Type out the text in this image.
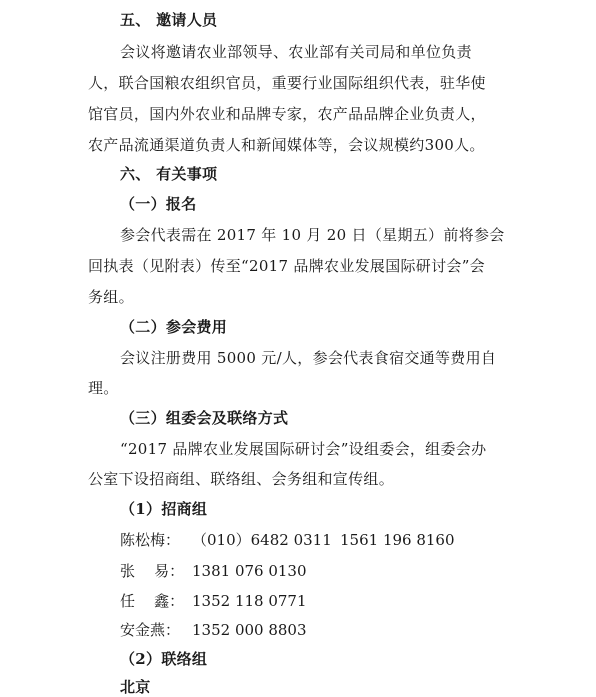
五、 邀请人员
会议将邀请农业部领导、农业部有关司局和单位负责
人，联合国粮农组织官员，重要行业国际组织代表，驻华使
馆官员，国内外农业和品牌专家，农产品品牌企业负责人，
农产品流通渠道负责人和新闻媒体等，会议规模约300人。
六、 有关事项
（一）报名
参会代表需在 2017 年 10 月 20 日（星期五）前将参会
回执表（见附表）传至“2017 品牌农业发展国际研讨会”会
务组。
（二）参会费用
会议注册费用 5000 元/人，参会代表食宿交通等费用自
理。
（三）组委会及联络方式
“2017 品牌农业发展国际研讨会”设组委会，组委会办
公室下设招商组、联络组、会务组和宣传组。
（1）招商组
陈松梅： （010）6482 0311 1561 196 8160
张    易： 1381 076 0130
任    鑫： 1352 118 0771
安金燕： 1352 000 8803
（2）联络组
北京
